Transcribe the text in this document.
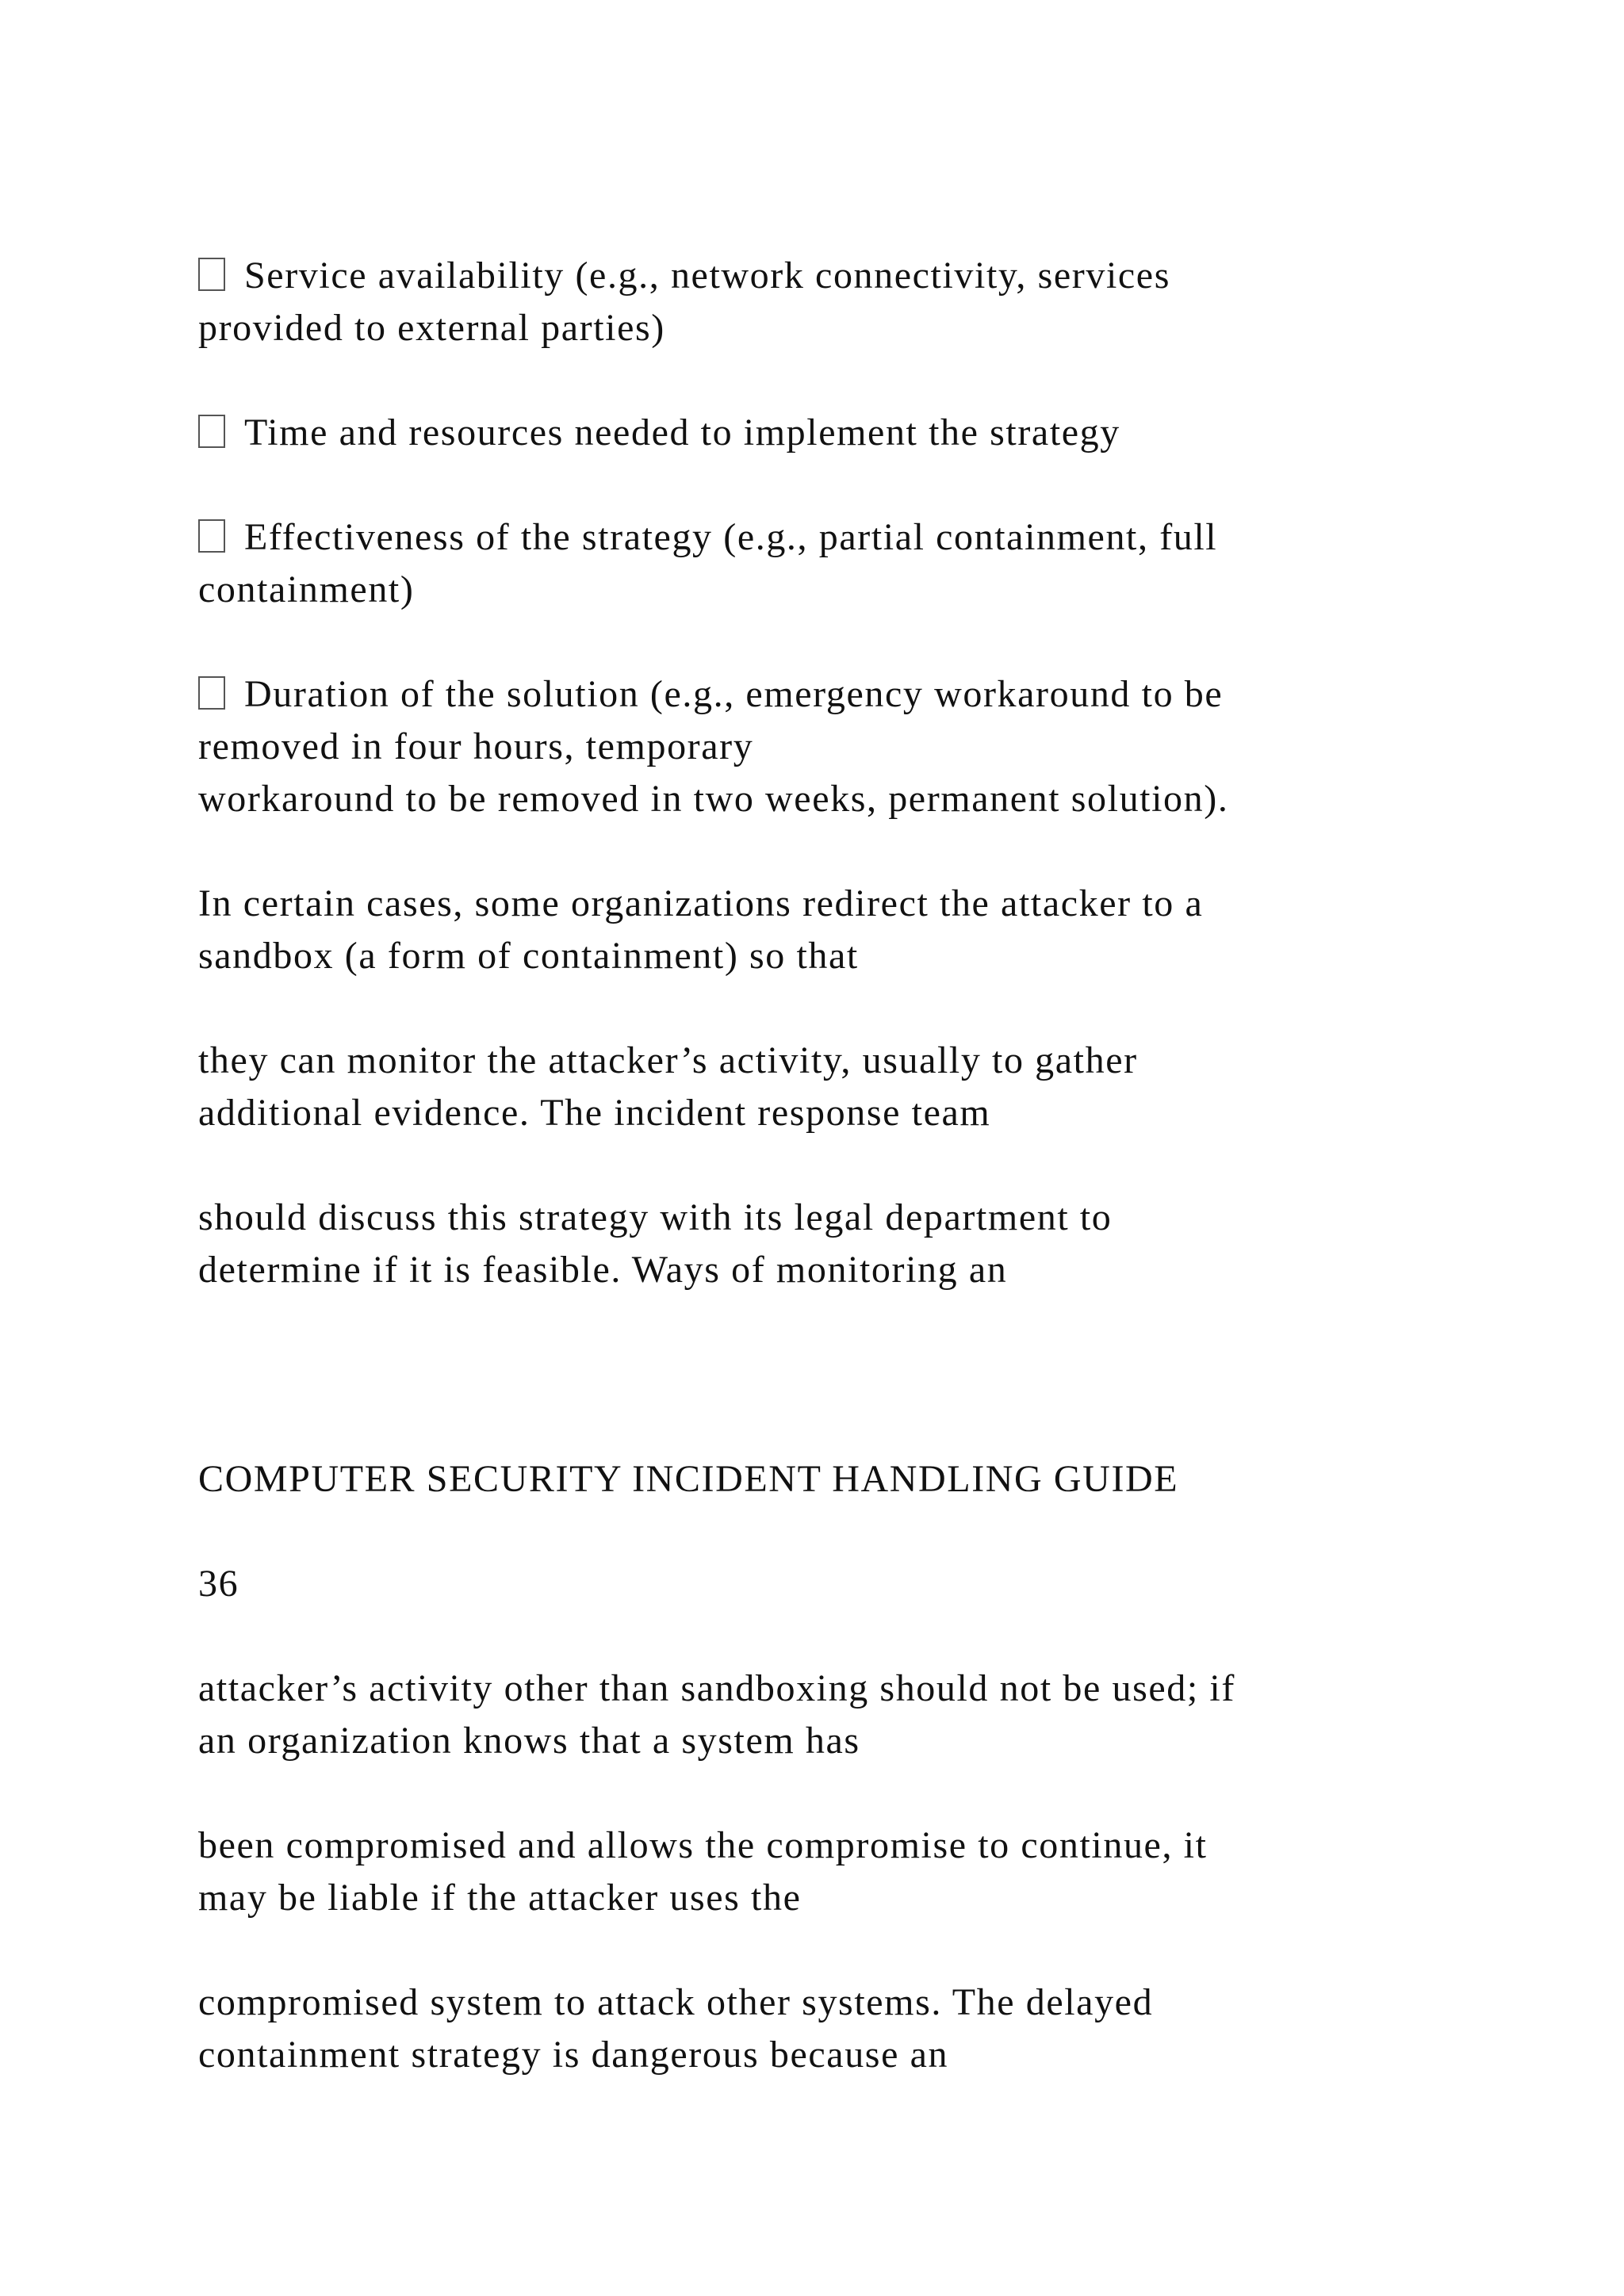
Service availability (e.g., network connectivity, services

provided to external parties)

Time and resources needed to implement the strategy

Effectiveness of the strategy (e.g., partial containment, full

containment)

Duration of the solution (e.g., emergency workaround to be

removed in four hours, temporary

workaround to be removed in two weeks, permanent solution).

In certain cases, some organizations redirect the attacker to a

sandbox (a form of containment) so that

they can monitor the attacker’s activity, usually to gather

additional evidence. The incident response team

should discuss this strategy with its legal department to

determine if it is feasible. Ways of monitoring an

COMPUTER SECURITY INCIDENT HANDLING GUIDE

36

attacker’s activity other than sandboxing should not be used; if

an organization knows that a system has

been compromised and allows the compromise to continue, it

may be liable if the attacker uses the

compromised system to attack other systems. The delayed

containment strategy is dangerous because an
